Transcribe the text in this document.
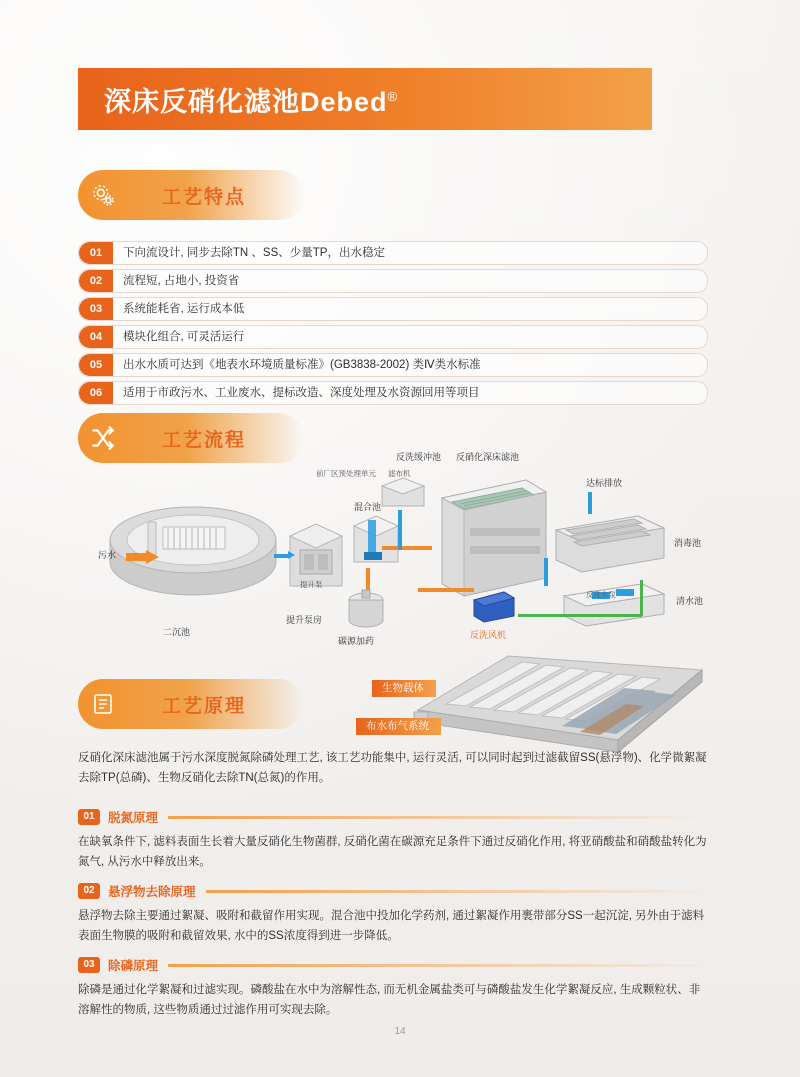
深床反硝化滤池Debed®
工艺特点
01	下向流设计, 同步去除TN 、SS、少量TP，出水稳定
02	流程短, 占地小, 投资省
03	系统能耗省, 运行成本低
04	模块化组合, 可灵活运行
05	出水水质可达到《地表水环境质量标准》(GB3838-2002) 类Ⅳ类水标准
06	适用于市政污水、工业废水、提标改造、深度处理及水资源回用等项目
工艺流程
二沉池
污水
提升泵
提升泵房
混合池
碳源加药
反洗缓冲池
前厂区预处理单元 滤布机
反硝化深床滤池
达标排放
消毒池
反洗水泵
清水池
反洗风机
工艺原理
生物载体
布水布气系统
反硝化深床滤池属于污水深度脱氮除磷处理工艺, 该工艺功能集中, 运行灵活, 可以同时起到过滤截留SS(悬浮物)、化学微絮凝去除TP(总磷)、生物反硝化去除TN(总氮)的作用。
01	脱氮原理
在缺氧条件下, 滤料表面生长着大量反硝化生物菌群, 反硝化菌在碳源充足条件下通过反硝化作用, 将亚硝酸盐和硝酸盐转化为氮气, 从污水中释放出来。
02	悬浮物去除原理
悬浮物去除主要通过絮凝、吸附和截留作用实现。混合池中投加化学药剂, 通过絮凝作用裹带部分SS一起沉淀, 另外由于滤料表面生物膜的吸附和截留效果, 水中的SS浓度得到进一步降低。
03	除磷原理
除磷是通过化学絮凝和过滤实现。磷酸盐在水中为溶解性态, 而无机金属盐类可与磷酸盐发生化学絮凝反应, 生成颗粒状、非溶解性的物质, 这些物质通过过滤作用可实现去除。
14
